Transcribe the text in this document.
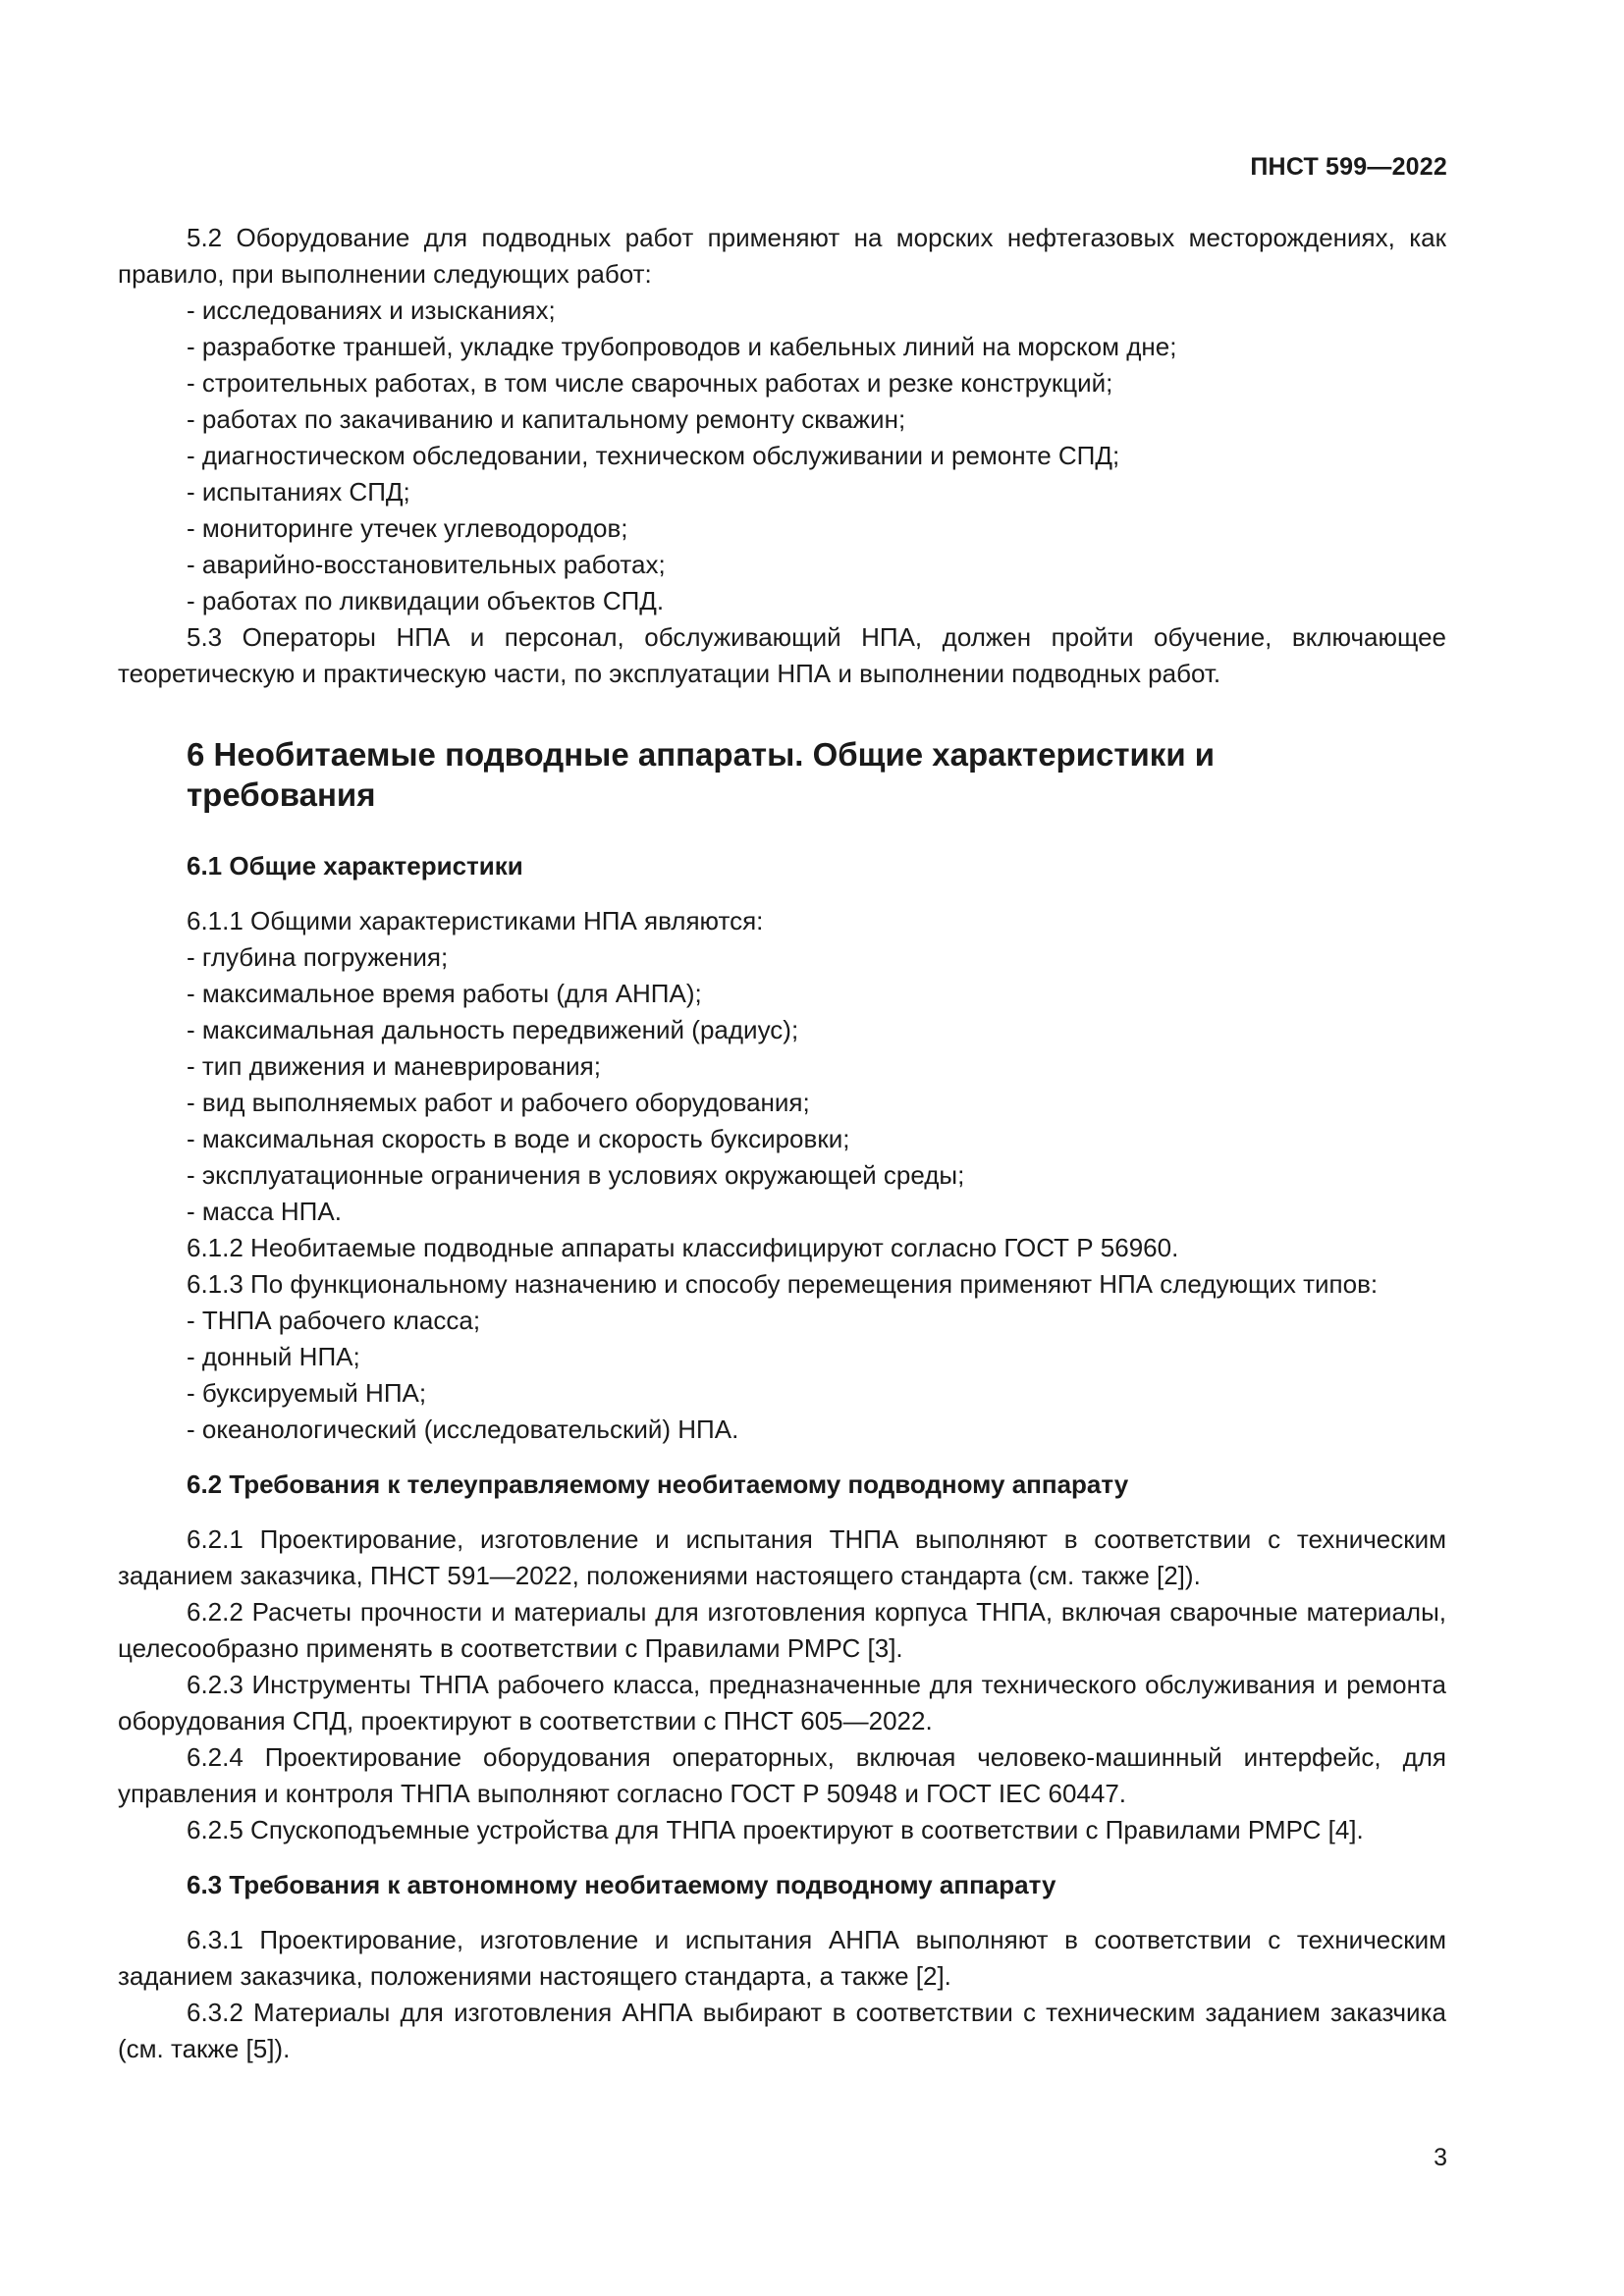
ПНСТ 599—2022

5.2 Оборудование для подводных работ применяют на морских нефтегазовых месторождениях, как правило, при выполнении следующих работ:

- исследованиях и изысканиях;

- разработке траншей, укладке трубопроводов и кабельных линий на морском дне;

- строительных работах, в том числе сварочных работах и резке конструкций;

- работах по закачиванию и капитальному ремонту скважин;

- диагностическом обследовании, техническом обслуживании и ремонте СПД;

- испытаниях СПД;

- мониторинге утечек углеводородов;

- аварийно-восстановительных работах;

- работах по ликвидации объектов СПД.

5.3 Операторы НПА и персонал, обслуживающий НПА, должен пройти обучение, включающее теоретическую и практическую части, по эксплуатации НПА и выполнении подводных работ.

6 Необитаемые подводные аппараты. Общие характеристики и требования
6.1 Общие характеристики

6.1.1 Общими характеристиками НПА являются:

- глубина погружения;

- максимальное время работы (для АНПА);

- максимальная дальность передвижений (радиус);

- тип движения и маневрирования;

- вид выполняемых работ и рабочего оборудования;

- максимальная скорость в воде и скорость буксировки;

- эксплуатационные ограничения в условиях окружающей среды;

- масса НПА.

6.1.2 Необитаемые подводные аппараты классифицируют согласно ГОСТ Р 56960.

6.1.3 По функциональному назначению и способу перемещения применяют НПА следующих типов:

- ТНПА рабочего класса;

- донный НПА;

- буксируемый НПА;

- океанологический (исследовательский) НПА.

6.2 Требования к телеуправляемому необитаемому подводному аппарату

6.2.1 Проектирование, изготовление и испытания ТНПА выполняют в соответствии с техническим заданием заказчика, ПНСТ 591—2022, положениями настоящего стандарта (см. также [2]).

6.2.2 Расчеты прочности и материалы для изготовления корпуса ТНПА, включая сварочные материалы, целесообразно применять в соответствии с Правилами РМРС [3].

6.2.3 Инструменты ТНПА рабочего класса, предназначенные для технического обслуживания и ремонта оборудования СПД, проектируют в соответствии с ПНСТ 605—2022.

6.2.4 Проектирование оборудования операторных, включая человеко-машинный интерфейс, для управления и контроля ТНПА выполняют согласно ГОСТ Р 50948 и ГОСТ IEC 60447.

6.2.5 Спускоподъемные устройства для ТНПА проектируют в соответствии с Правилами РМРС [4].

6.3 Требования к автономному необитаемому подводному аппарату

6.3.1 Проектирование, изготовление и испытания АНПА выполняют в соответствии с техническим заданием заказчика, положениями настоящего стандарта, а также [2].

6.3.2 Материалы для изготовления АНПА выбирают в соответствии с техническим заданием заказчика (см. также [5]).

3
